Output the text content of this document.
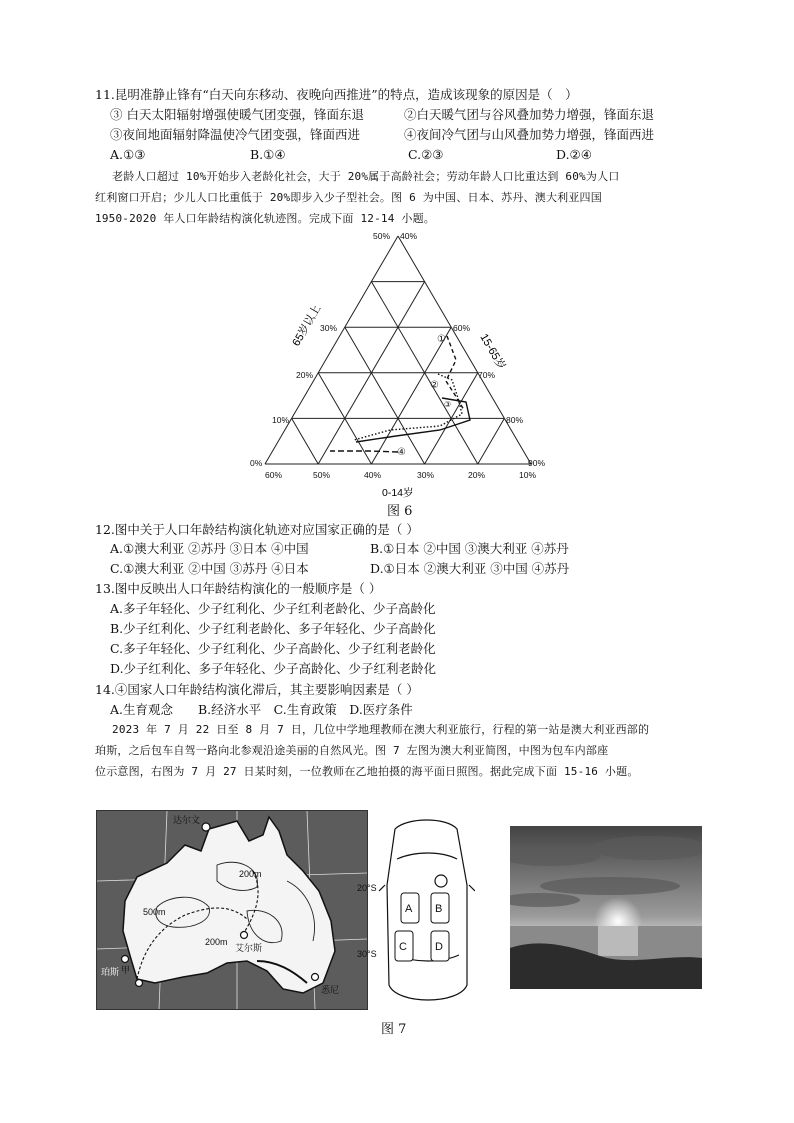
11.昆明准静止锋有“白天向东移动、夜晚向西推进”的特点，造成该现象的原因是（　）
③ 白天太阳辐射增强使暖气团变强，锋面东退	②白天暖气团与谷风叠加势力增强，锋面东退
③夜间地面辐射降温使冷气团变强，锋面西进	④夜间冷气团与山风叠加势力增强，锋面西进
A.①③	B.①④	C.②③	D.②④
老龄人口超过 10%开始步入老龄化社会，大于 20%属于高龄社会；劳动年龄人口比重达到 60%为人口
红利窗口开启；少儿人口比重低于 20%即步入少子型社会。图 6 为中国、日本、苏丹、澳大利亚四国
1950-2020 年人口年龄结构演化轨迹图。完成下面 12-14 小题。
①
②
③
④
50%
0%
10%
20%
30%
40%
60%
70%
80%
90%
60%	50%	40%	30%	20%	10%
65岁以上
15-65岁
0-14岁
图 6
12.图中关于人口年龄结构演化轨迹对应国家正确的是（ ）
A.①澳大利亚 ②苏丹 ③日本 ④中国	B.①日本 ②中国 ③澳大利亚 ④苏丹
C.①澳大利亚 ②中国 ③苏丹 ④日本	D.①日本 ②澳大利亚 ③中国 ④苏丹
13.图中反映出人口年龄结构演化的一般顺序是（ ）
A.多子年轻化、少子红利化、少子红利老龄化、少子高龄化
B.少子红利化、少子红利老龄化、多子年轻化、少子高龄化
C.多子年轻化、少子红利化、少子高龄化、少子红利老龄化
D.少子红利化、多子年轻化、少子高龄化、少子红利老龄化
14.④国家人口年龄结构演化滞后，其主要影响因素是（ ）
A.生育观念　　B.经济水平　C.生育政策　D.医疗条件
2023 年 7 月 22 日至 8 月 7 日，几位中学地理教师在澳大利亚旅行，行程的第一站是澳大利亚西部的
珀斯，之后包车自驾一路向北参观沿途美丽的自然风光。图 7 左图为澳大利亚简图，中图为包车内部座
位示意图，右图为 7 月 27 日某时刻，一位教师在乙地拍摄的海平面日照图。据此完成下面 15-16 小题。
达尔文
珀斯 甲
艾尔斯
悉尼
200m
500m
200m
20°S
30°S
A B
C	D
图 7
